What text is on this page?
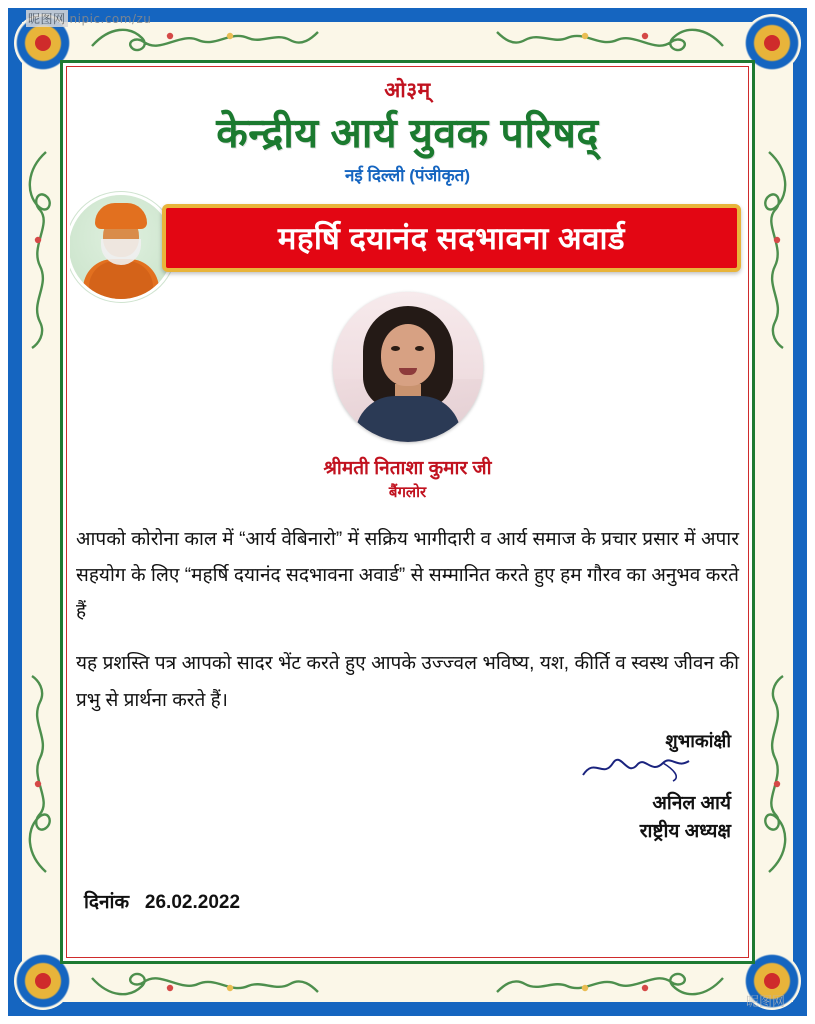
ओ३म्
केन्द्रीय आर्य युवक परिषद्
नई दिल्ली (पंजीकृत)
महर्षि दयानंद सदभावना अवार्ड
श्रीमती निताशा कुमार जी
बैंगलोर

आपको कोरोना काल में “आर्य वेबिनारो” में सक्रिय भागीदारी व आर्य समाज के प्रचार प्रसार में अपार सहयोग के लिए “महर्षि दयानंद सदभावना अवार्ड” से सम्मानित करते हुए हम गौरव का अनुभव करते हैं

यह प्रशस्ति पत्र आपको सादर भेंट करते हुए आपके उज्ज्वल भविष्य, यश, कीर्ति व स्वस्थ जीवन की प्रभु से प्रार्थना करते हैं।

शुभाकांक्षी
अनिल आर्य
राष्ट्रीय अध्यक्ष
दिनांक 26.02.2022
昵图网 nipic.com/zu
昵图网
